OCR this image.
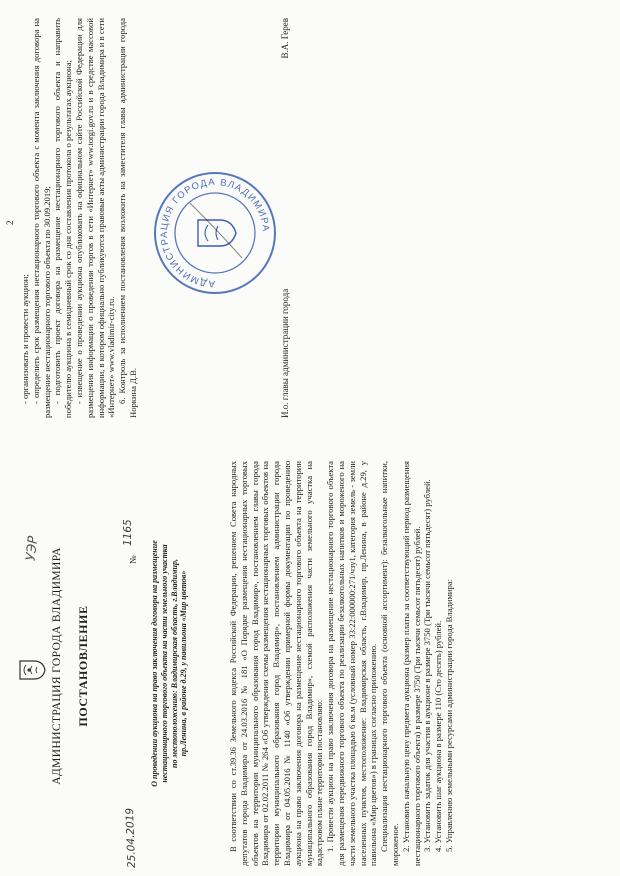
АДМИНИСТРАЦИЯ ГОРОДА ВЛАДИМИРА ПОСТАНОВЛЕНИЕ
УЭР
25.04.2019
№
1165
О проведении аукциона на право заключения договора на размещение нестационарного торгового объекта на части земельного участка по местоположению: Владимирская область, г.Владимир, пр.Ленина, в районе д.29, у павильона «Мир цветов»	В соответствии со ст.39.36 Земельного кодекса Российской Федерации, решением Совета народных депутатов города Владимира от 24.03.2016 № 181 «О Порядке размещения нестационарных торговых объектов на территории муниципального образования город Владимир», постановлением главы города Владимира от 02.02.2011 № 264 «Об утверждении схемы размещения нестационарных торговых объектов на территории муниципального образования город Владимир», постановлением администрации города Владимира от 04.05.2016 № 1140 «Об утверждении примерной формы документации по проведению аукциона на право заключения договора на размещение нестационарного торгового объекта на территории муниципального образования город Владимир», схемой расположения части земельного участка на кадастровом плане территории постановляю: 1. Провести аукцион на право заключения договора на размещение нестационарного торгового объекта для размещения передвижного торгового объекта по реализации безалкогольных напитков и мороженого на части земельного участка площадью 6 кв.м (условный номер 33:22:000000:271/чзу1, категория земель - земли населенных пунктов, местоположение: Владимирская область, г.Владимир, пр.Ленина, в районе д.29, у павильона «Мир цветов») в границах согласно приложению. Специализация нестационарного торгового объекта (основной ассортимент): безалкогольные напитки, мороженое. 2. Установить начальную цену предмета аукциона (размер платы за соответствующий период размещения нестационарного торгового объекта) в размере 3750 (Три тысячи семьсот пятьдесят) рублей. 3. Установить задаток для участия в аукционе в размере 3750 (Три тысячи семьсот пятьдесят) рублей. 4. Установить шаг аукциона в размере 110 (Сто десять) рублей. 5. Управлению земельными ресурсами администрации города Владимира:

2

- организовать и провести аукцион; - определить срок размещения нестационарного торгового объекта с момента заключения договора на размещение нестационарного торгового объекта по 30.09.2019; - подготовить проект договора на размещение нестационарного торгового объекта и направить победителю аукциона в семидневный срок со дня составления протокола о результатах аукциона; - извещение о проведении аукциона опубликовать на официальном сайте Российской Федерации для размещения информации о проведении торгов в сети «Интернет» www.torgi.gov.ru и в средстве массовой информации, в котором официально публикуются правовые акты администрации города Владимира и в сети «Интернет» www.vladimir-city.ru. 6. Контроль за исполнением постановления возложить на заместителя главы администрации города Норкина Д.В.

АДМИНИСТРАЦИЯ ГОРОДА ВЛАДИМИРА
И.о. главы администрации города
В.А. Герев
